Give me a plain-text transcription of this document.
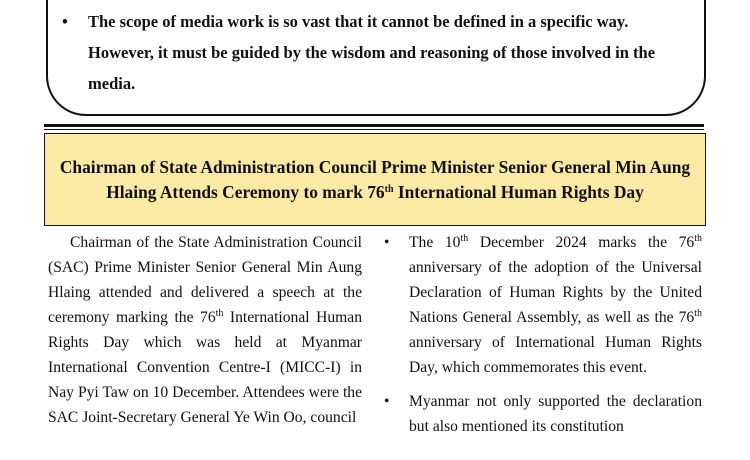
• The scope of media work is so vast that it cannot be defined in a specific way. However, it must be guided by the wisdom and reasoning of those involved in the media.

Chairman of State Administration Council Prime Minister Senior General Min Aung Hlaing Attends Ceremony to mark 76th International Human Rights Day

Chairman of the State Administration Council (SAC) Prime Minister Senior General Min Aung Hlaing attended and delivered a speech at the ceremony marking the 76th International Human Rights Day which was held at Myanmar International Convention Centre-I (MICC-I) in Nay Pyi Taw on 10 December. Attendees were the SAC Joint-Secretary General Ye Win Oo, council

• The 10th December 2024 marks the 76th anniversary of the adoption of the Universal Declaration of Human Rights by the United Nations General Assembly, as well as the 76th anniversary of International Human Rights Day, which commemorates this event.

• Myanmar not only supported the declaration but also mentioned its constitution
